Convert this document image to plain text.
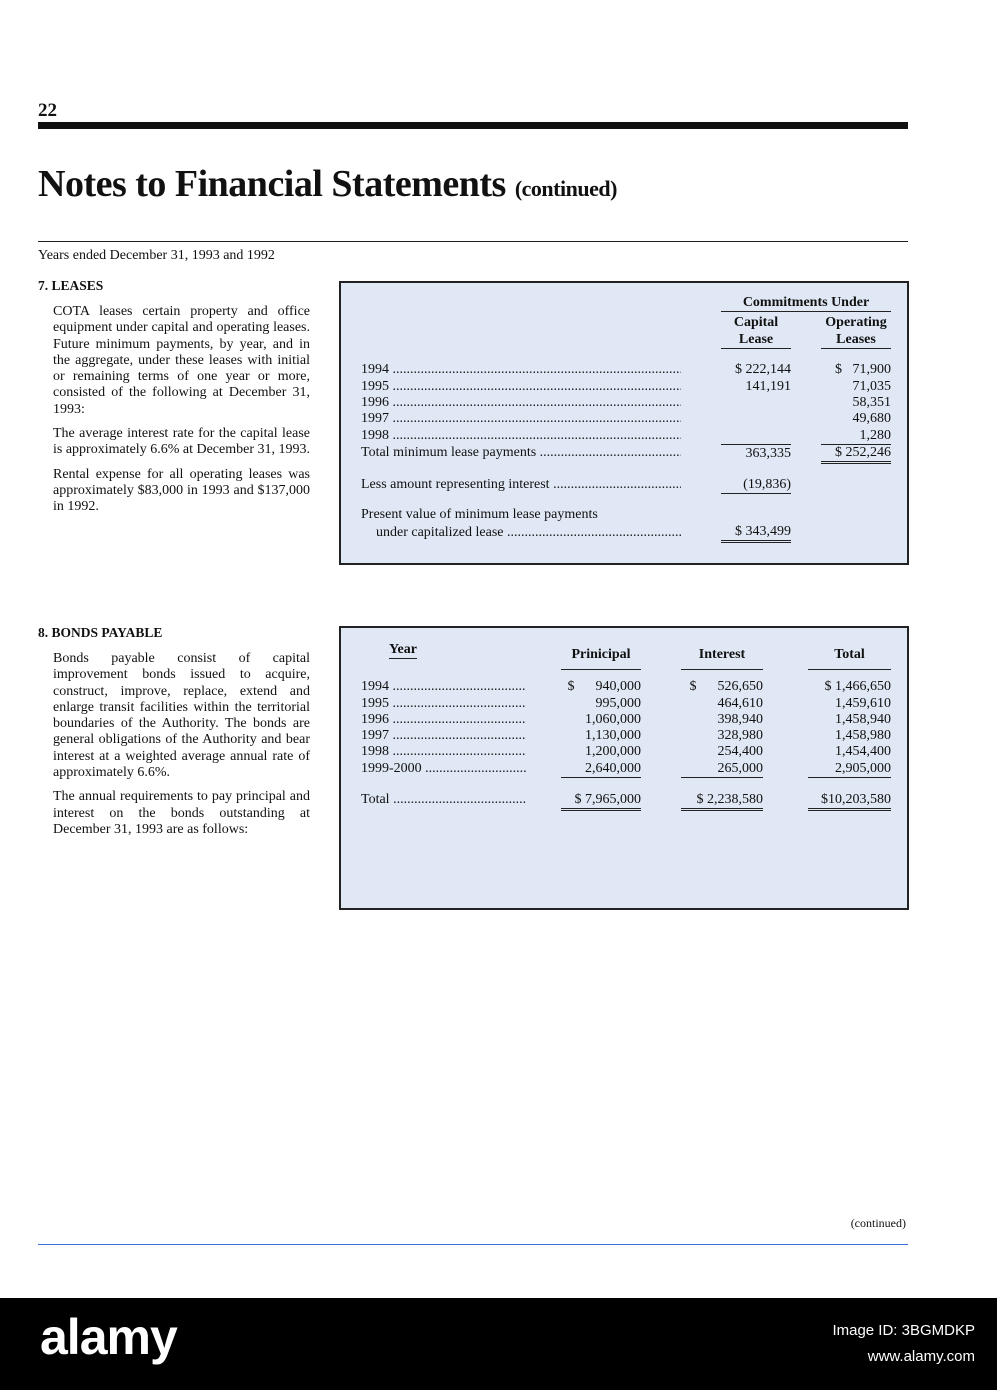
22
Notes to Financial Statements (continued)
Years ended December 31, 1993 and 1992
7. LEASES

COTA leases certain property and office equipment under capital and operating leases. Future minimum payments, by year, and in the aggregate, under these leases with initial or remaining terms of one year or more, consisted of the following at December 31, 1993:

The average interest rate for the capital lease is approximately 6.6% at December 31, 1993.

Rental expense for all operating leases was approximately $83,000 in 1993 and $137,000 in 1992.

		Commitments Under		
		Capital Lease		Operating Leases

1994 .....		$ 222,144		$   71,900
1995 .....		141,191		71,035
1996 .....				58,351
1997 .....				49,680
1998 .....				1,280
Total minimum lease payments .....		363,335		$ 252,246

Less amount representing interest .....		(19,836)		

Present value of minimum lease payments				
under capitalized lease .....		$ 343,499		
8. BONDS PAYABLE

Bonds payable consist of capital improvement bonds issued to acquire, construct, improve, replace, extend and enlarge transit facilities within the territorial boundaries of the Authority. The bonds are general obligations of the Authority and bear interest at a weighted average annual rate of approximately 6.6%.

The annual requirements to pay principal and interest on the bonds outstanding at December 31, 1993 are as follows:

Year		Prinicipal		Interest		Total

1994 .....		$      940,000		$      526,650		$ 1,466,650
1995 .....		995,000		464,610		1,459,610
1996 .....		1,060,000		398,940		1,458,940
1997 .....		1,130,000		328,980		1,458,980
1998 .....		1,200,000		254,400		1,454,400
1999-2000 .....		2,640,000		265,000		2,905,000

Total .....		$ 7,965,000		$ 2,238,580		$10,203,580
(continued)
alamy	Image ID: 3BGMDKP
www.alamy.com
